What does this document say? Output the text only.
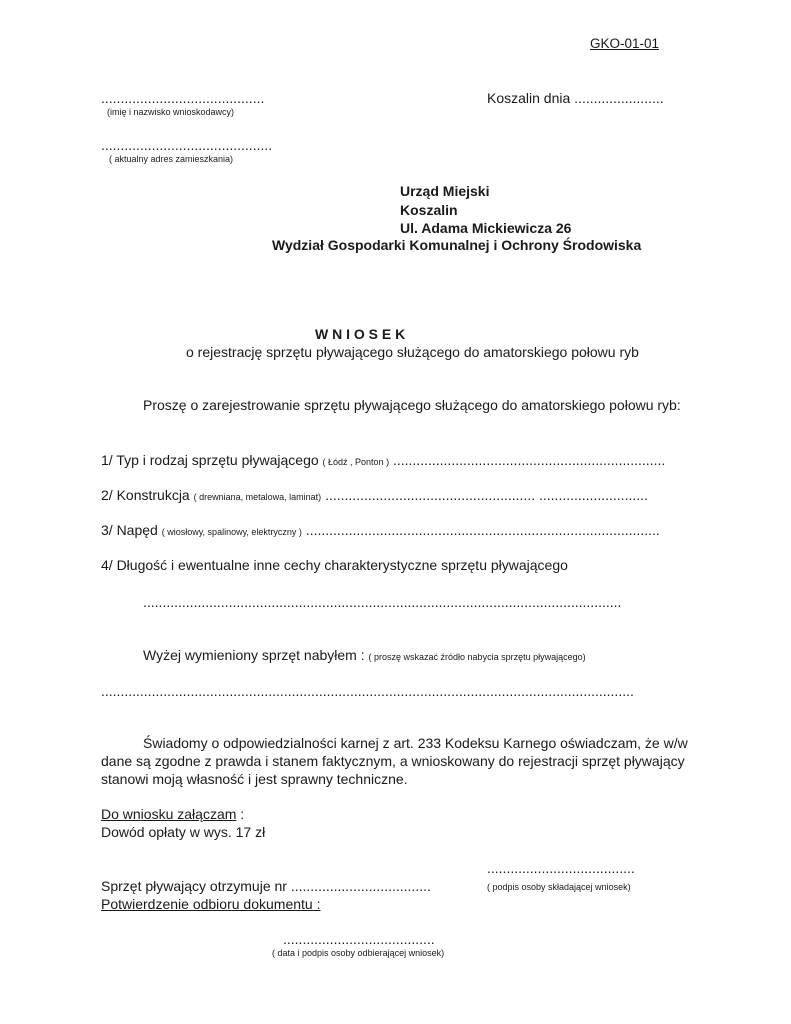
GKO-01-01
..........................................
(imię i nazwisko wnioskodawcy)
Koszalin dnia .......................
............................................
( aktualny adres zamieszkania)
Urząd Miejski
Koszalin
Ul. Adama Mickiewicza 26
Wydział Gospodarki Komunalnej i Ochrony Środowiska
W N I O S E K
o rejestrację sprzętu pływającego służącego do amatorskiego połowu ryb
Proszę o zarejestrowanie sprzętu pływającego służącego do amatorskiego połowu ryb:
1/ Typ i rodzaj sprzętu pływającego ( Łódź , Ponton ) ......................................................................
2/ Konstrukcja ( drewniana, metalowa, laminat) ...................................................... ............................
3/ Napęd ( wiosłowy, spalinowy, elektryczny ) ...........................................................................................
4/ Długość i ewentualne inne cechy charakterystyczne sprzętu pływającego
...........................................................................................................................
Wyżej wymieniony sprzęt nabyłem : ( proszę wskazać źródło nabycia sprzętu pływającego)
.........................................................................................................................................
Świadomy o odpowiedzialności karnej z art. 233 Kodeksu Karnego oświadczam, że w/w
dane są zgodne z prawda i stanem faktycznym, a wnioskowany do rejestracji sprzęt pływający
stanowi moją własność i jest sprawny techniczne.
Do wniosku załączam :
Dowód opłaty w wys. 17 zł
......................................
( podpis osoby składającej wniosek)
Sprzęt pływający otrzymuje nr ....................................
Potwierdzenie odbioru dokumentu :
.......................................
( data i podpis osoby odbierającej wniosek)
